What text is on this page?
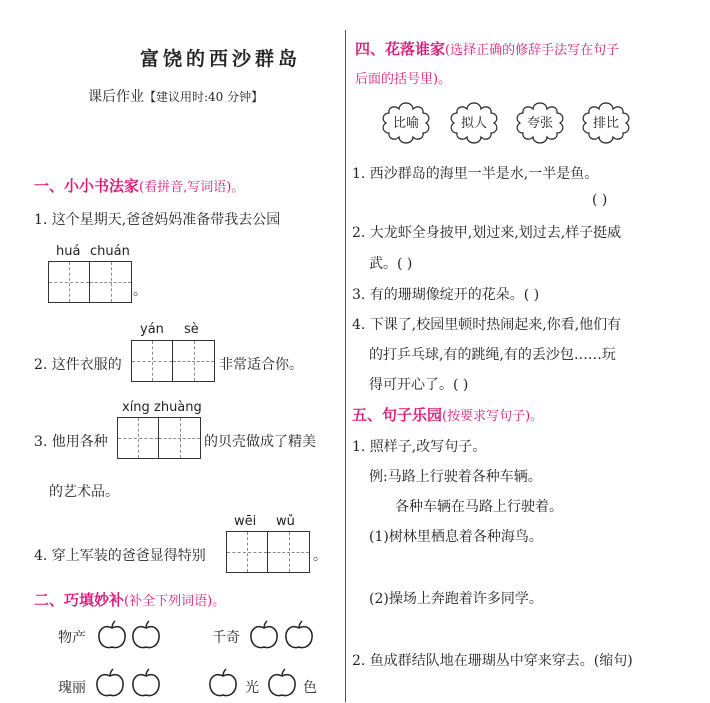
富饶的西沙群岛
课后作业【建议用时:40 分钟】
一、小小书法家(看拼音,写词语)。
1. 这个星期天,爸爸妈妈准备带我去公园
huá chuán
。
yán sè
2. 这件衣服的	非常适合你。
xíng zhuàng
3. 他用各种	的贝壳做成了精美
的艺术品。
wēi wǔ
4. 穿上军装的爸爸显得特别	。
二、巧填妙补(补全下列词语)。
物产	千奇
瑰丽	光	色
四、花落谁家(选择正确的修辞手法写在句子
后面的括号里)。
比喻	拟人	夸张	排比
1. 西沙群岛的海里一半是水,一半是鱼。
( )
2. 大龙虾全身披甲,划过来,划过去,样子挺威
武。( )
3. 有的珊瑚像绽开的花朵。( )
4. 下课了,校园里顿时热闹起来,你看,他们有
的打乒乓球,有的跳绳,有的丢沙包……玩
得可开心了。( )
五、句子乐园(按要求写句子)。
1. 照样子,改写句子。
例:马路上行驶着各种车辆。
各种车辆在马路上行驶着。
(1)树林里栖息着各种海鸟。
(2)操场上奔跑着许多同学。
2. 鱼成群结队地在珊瑚丛中穿来穿去。(缩句)
